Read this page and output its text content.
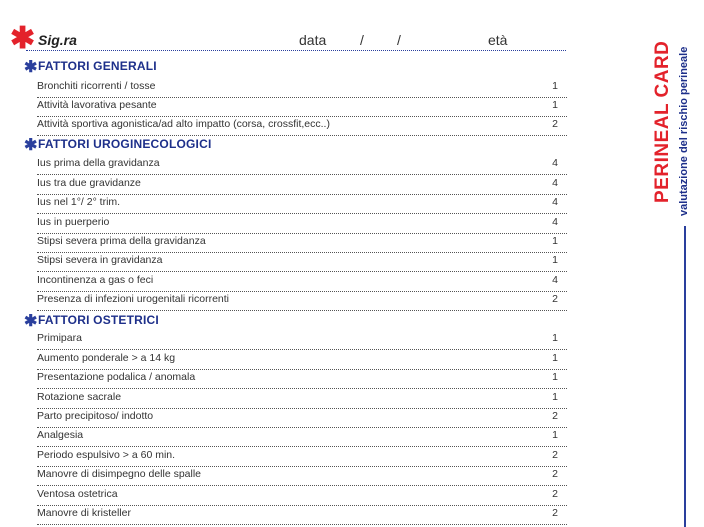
✱ Sig.ra	data / /	età
✱ FATTORI GENERALI
Bronchiti ricorrenti / tosse	1
Attività lavorativa pesante	1
Attività sportiva agonistica/ad alto impatto (corsa, crossfit,ecc..)	2
✱ FATTORI UROGINECOLOGICI
Ius prima della gravidanza	4
Ius tra due gravidanze	4
Ius nel 1°/ 2° trim.	4
Ius in puerperio	4
Stipsi severa prima della gravidanza	1
Stipsi severa in gravidanza	1
Incontinenza a gas o feci	4
Presenza di infezioni urogenitali ricorrenti	2
✱ FATTORI OSTETRICI
Primipara	1
Aumento ponderale > a 14 kg	1
Presentazione podalica / anomala	1
Rotazione sacrale	1
Parto precipitoso/ indotto	2
Analgesia	1
Periodo espulsivo > a 60 min.	2
Manovre di disimpegno delle spalle	2
Ventosa ostetrica	2
Manovre di kristeller	2
PERINEAL CARD valutazione del rischio perineale
